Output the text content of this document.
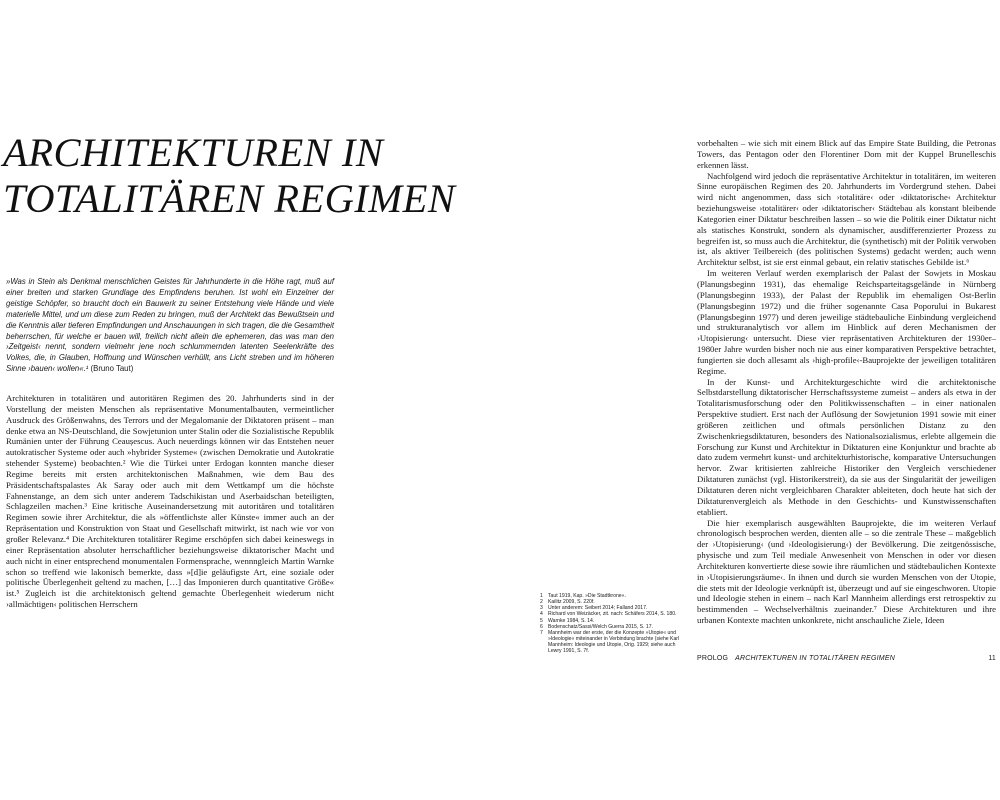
ARCHITEKTUREN IN
TOTALITÄREN REGIMEN

»Was in Stein als Denkmal menschlichen Geistes für Jahrhunderte in die Höhe ragt, muß auf einer breiten und starken Grundlage des Empfindens beruhen. Ist wohl ein Einzelner der geistige Schöpfer, so braucht doch ein Bauwerk zu seiner Entstehung viele Hände und viele materielle Mittel, und um diese zum Reden zu bringen, muß der Architekt das Bewußtsein und die Kenntnis aller tieferen Empfindungen und Anschauungen in sich tragen, die die Gesamtheit beherrschen, für welche er bauen will, freilich nicht allein die ephemeren, das was man den ›Zeitgeist‹ nennt, sondern vielmehr jene noch schlummernden latenten Seelenkräfte des Volkes, die, in Glauben, Hoffnung und Wünschen verhüllt, ans Licht streben und im höheren Sinne ›bauen‹ wollen«.¹ (Bruno Taut)

Architekturen in totalitären und autoritären Regimen des 20. Jahrhunderts sind in der Vorstellung der meisten Menschen als repräsentative Monumentalbauten, vermeintlicher Ausdruck des Größenwahns, des Terrors und der Megalomanie der Diktatoren präsent – man denke etwa an NS-Deutschland, die Sowjetunion unter Stalin oder die Sozialistische Republik Rumänien unter der Führung Ceaușescus. Auch neuerdings können wir das Entstehen neuer autokratischer Systeme oder auch »hybrider Systeme« (zwischen Demokratie und Autokratie stehender Systeme) beobachten.² Wie die Türkei unter Erdogan konnten manche dieser Regime bereits mit ersten architektonischen Maßnahmen, wie dem Bau des Präsidentschaftspalastes Ak Saray oder auch mit dem Wettkampf um die höchste Fahnenstange, an dem sich unter anderem Tadschikistan und Aserbaidschan beteiligten, Schlagzeilen machen.³ Eine kritische Auseinandersetzung mit autoritären und totalitären Regimen sowie ihrer Architektur, die als »öffentlichste aller Künste« immer auch an der Repräsentation und Konstruktion von Staat und Gesellschaft mitwirkt, ist nach wie vor von großer Relevanz.⁴ Die Architekturen totalitärer Regime erschöpfen sich dabei keineswegs in einer Repräsentation absoluter herrschaftlicher beziehungsweise diktatorischer Macht und auch nicht in einer entsprechend monumentalen Formensprache, wennngleich Martin Warnke schon so treffend wie lakonisch bemerkte, dass »[d]ie geläufigste Art, eine soziale oder politische Überlegenheit geltend zu machen, […] das Imponieren durch quantitative Größe« ist.⁵ Zugleich ist die architektonisch geltend gemachte Überlegenheit wiederum nicht ›allmächtigen‹ politischen Herrschern

1	Taut 1919, Kap. »Die Stadtkrone«.
2	Kailitz 2009, S. 220f.
3	Unter anderem: Seibert 2014; Falland 2017.
4	Richard von Weizäcker, zit. nach: Schäfers 2014, S. 180.
5	Warnke 1984, S. 14.
6	Bodenschatz/Sassi/Welch Guerra 2015, S. 17.
7	Mannheim war der erste, der die Konzepte »Utopie« und »Ideologie« miteinander in Verbindung brachte (siehe Karl Mannheim: Ideologie und Utopie, Orig. 1929; siehe auch Lewry 1991, S. 7f.

vorbehalten – wie sich mit einem Blick auf das Empire State Building, die Petronas Towers, das Pentagon oder den Florentiner Dom mit der Kuppel Brunelleschis erkennen lässt.

Nachfolgend wird jedoch die repräsentative Architektur in totalitären, im weiteren Sinne europäischen Regimen des 20. Jahrhunderts im Vordergrund stehen. Dabei wird nicht angenommen, dass sich ›totalitäre‹ oder ›diktatorische‹ Architektur beziehungsweise ›totalitärer‹ oder ›diktatorischer‹ Städtebau als konstant bleibende Kategorien einer Diktatur beschreiben lassen – so wie die Politik einer Diktatur nicht als statisches Konstrukt, sondern als dynamischer, ausdifferenzierter Prozess zu begreifen ist, so muss auch die Architektur, die (synthetisch) mit der Politik verwoben ist, als aktiver Teilbereich (des politischen Systems) gedacht werden; auch wenn Architektur selbst, ist sie erst einmal gebaut, ein relativ statisches Gebilde ist.⁶

Im weiteren Verlauf werden exemplarisch der Palast der Sowjets in Moskau (Planungsbeginn 1931), das ehemalige Reichsparteitagsgelände in Nürnberg (Planungsbeginn 1933), der Palast der Republik im ehemaligen Ost-Berlin (Planungsbeginn 1972) und die früher sogenannte Casa Poporului in Bukarest (Planungsbeginn 1977) und deren jeweilige städtebauliche Einbindung vergleichend und strukturanalytisch vor allem im Hinblick auf deren Mechanismen der ›Utopisierung‹ untersucht. Diese vier repräsentativen Architekturen der 1930er–1980er Jahre wurden bisher noch nie aus einer komparativen Perspektive betrachtet, fungierten sie doch allesamt als ›high-profile‹-Bauprojekte der jeweiligen totalitären Regime.

In der Kunst- und Architekturgeschichte wird die architektonische Selbstdarstellung diktatorischer Herrschaftssysteme zumeist – anders als etwa in der Totalitarismusforschung oder den Politikwissenschaften – in einer nationalen Perspektive studiert. Erst nach der Auflösung der Sowjetunion 1991 sowie mit einer größeren zeitlichen und oftmals persönlichen Distanz zu den Zwischenkriegsdiktaturen, besonders des Nationalsozialismus, erlebte allgemein die Forschung zur Kunst und Architektur in Diktaturen eine Konjunktur und brachte ab dato zudem vermehrt kunst- und architekturhistorische, komparative Untersuchungen hervor. Zwar kritisierten zahlreiche Historiker den Vergleich verschiedener Diktaturen zunächst (vgl. Historikerstreit), da sie aus der Singularität der jeweiligen Diktaturen deren nicht vergleichbaren Charakter ableiteten, doch heute hat sich der Diktaturenvergleich als Methode in den Geschichts- und Kunstwissenschaften etabliert.

Die hier exemplarisch ausgewählten Bauprojekte, die im weiteren Verlauf chronologisch besprochen werden, dienten alle – so die zentrale These – maßgeblich der ›Utopisierung‹ (und ›Ideologisierung‹) der Bevölkerung. Die zeitgenössische, physische und zum Teil mediale Anwesenheit von Menschen in oder vor diesen Architekturen konvertierte diese sowie ihre räumlichen und städtebaulichen Kontexte in ›Utopisierungsräume‹. In ihnen und durch sie wurden Menschen von der Utopie, die stets mit der Ideologie verknüpft ist, überzeugt und auf sie eingeschworen. Utopie und Ideologie stehen in einem – nach Karl Mannheim allerdings erst retrospektiv zu bestimmenden – Wechselverhältnis zueinander.⁷ Diese Architekturen und ihre urbanen Kontexte machten unkonkrete, nicht anschauliche Ziele, Ideen

PROLOG ARCHITEKTUREN IN TOTALITÄREN REGIMEN	11
